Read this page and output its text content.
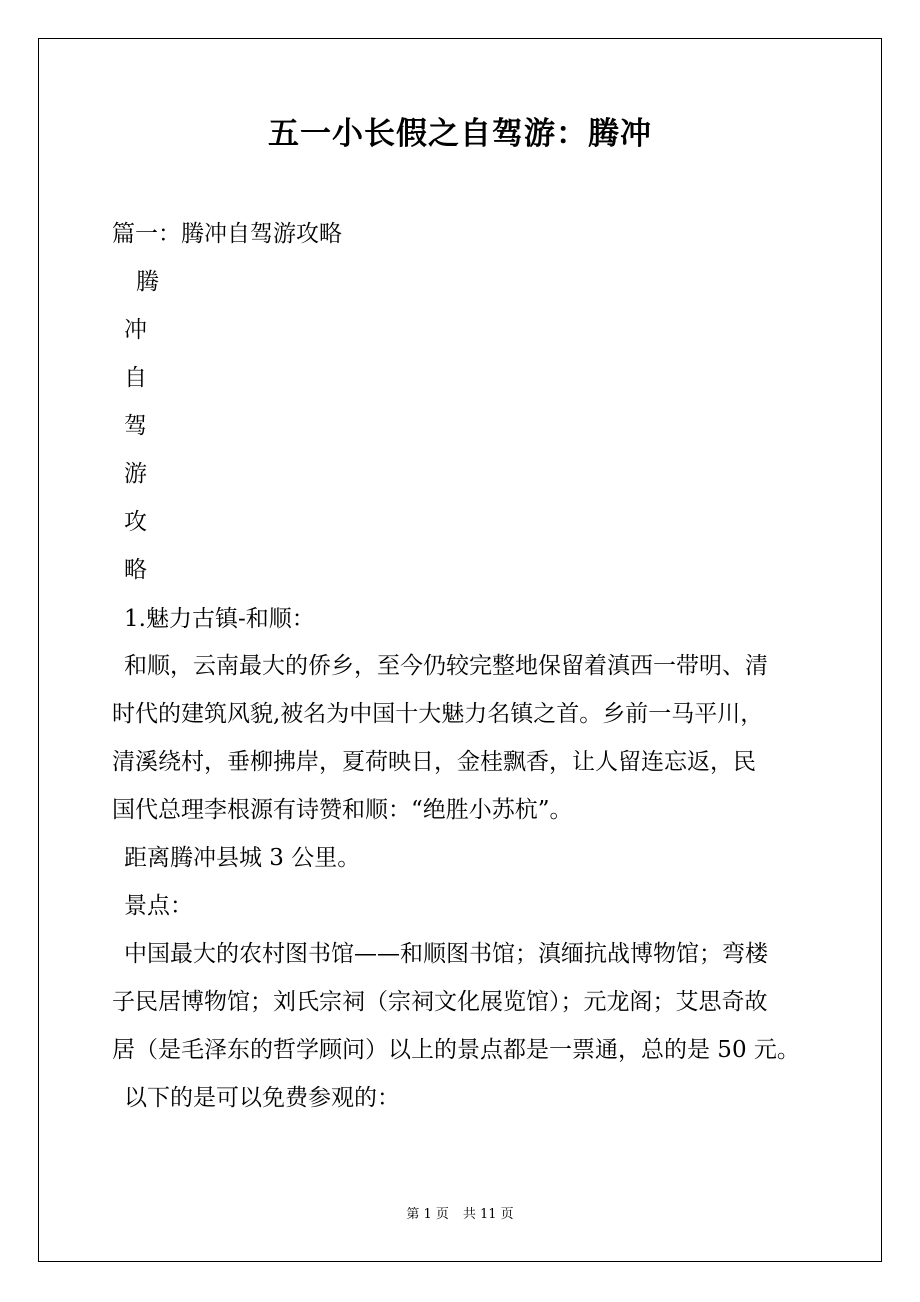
五一小长假之自驾游：腾冲
篇一：腾冲自驾游攻略
腾
冲
自
驾
游
攻
略
1.魅力古镇-和顺：
和顺，云南最大的侨乡，至今仍较完整地保留着滇西一带明、清
时代的建筑风貌,被名为中国十大魅力名镇之首。乡前一马平川，
清溪绕村，垂柳拂岸，夏荷映日，金桂飘香，让人留连忘返，民
国代总理李根源有诗赞和顺：“绝胜小苏杭”。
距离腾冲县城 3 公里。
景点：
中国最大的农村图书馆——和顺图书馆；滇缅抗战博物馆；弯楼
子民居博物馆；刘氏宗祠（宗祠文化展览馆）；元龙阁；艾思奇故
居（是毛泽东的哲学顾问）以上的景点都是一票通，总的是 50 元。
以下的是可以免费参观的：
第 1 页 共 11 页
